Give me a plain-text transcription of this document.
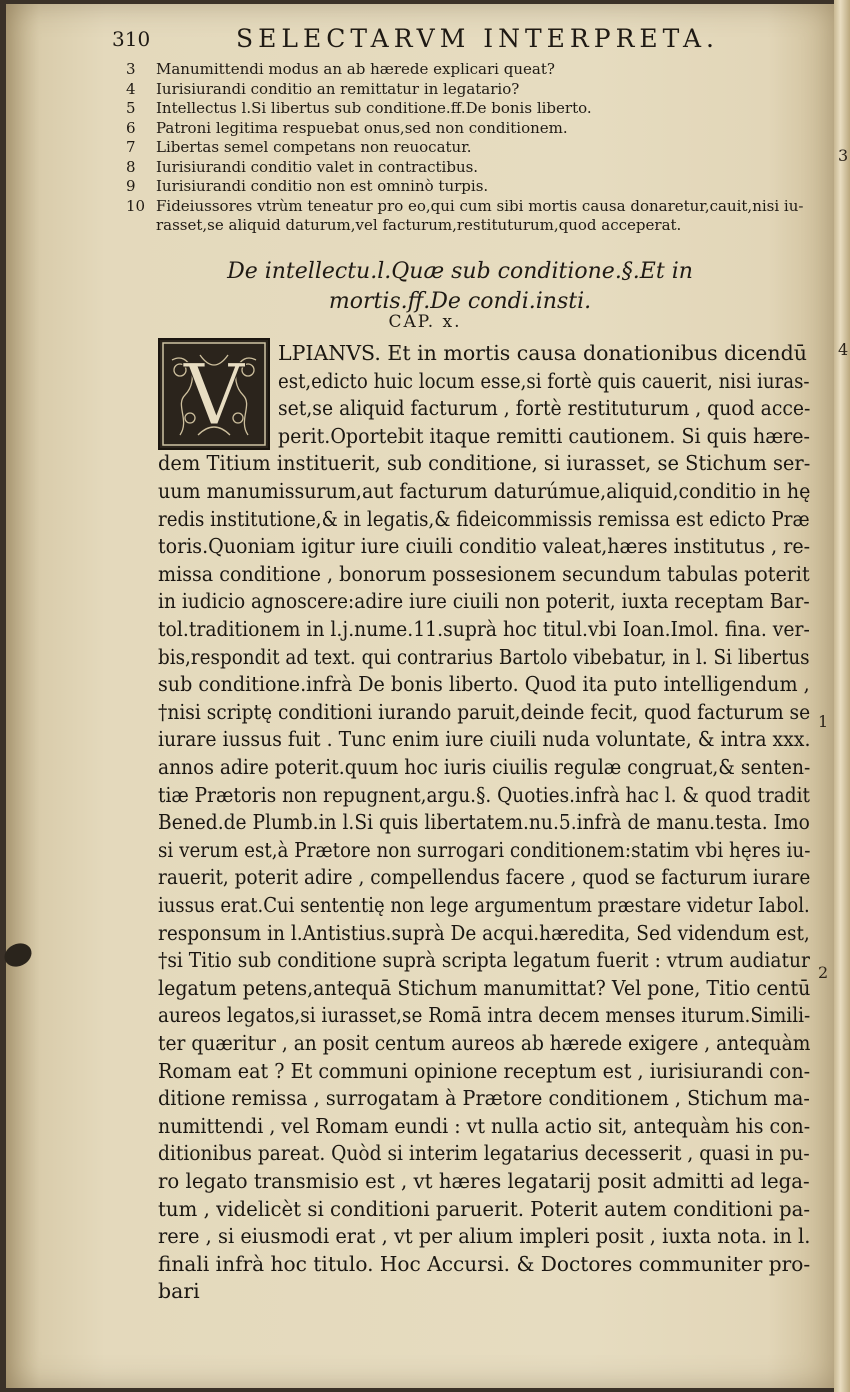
310	SELECTARVM INTERPRETA.
3	Manumittendi modus an ab hærede explicari queat?
4	Iurisiurandi conditio an remittatur in legatario?
5	Intellectus l.Si libertus sub conditione.ff.De bonis liberto.
6	Patroni legitima respuebat onus,sed non conditionem.
7	Libertas semel competans non reuocatur.
8	Iurisiurandi conditio valet in contractibus.
9	Iurisiurandi conditio non est omninò turpis.
10 Fideiussores vtrùm teneatur pro eo,qui cum sibi mortis causa donaretur,cauit,nisi iu-
rasset,se aliquid daturum,vel facturum,restituturum,quod acceperat.
De intellectu.l.Quæ sub conditione.§.Et in
mortis.ff.De condi.insti.
CAP. x.
V LPIANVS. Et in mortis causa donationibus dicendū
est,edicto huic locum esse,si fortè quis cauerit, nisi iuras-
set,se aliquid facturum , fortè restituturum , quod acce-
perit.Oportebit itaque remitti cautionem. Si quis hære-
dem Titium instituerit, sub conditione, si iurasset, se Stichum ser-
uum manumissurum,aut facturum daturúmue,aliquid,conditio in hę
redis institutione,& in legatis,& fideicommissis remissa est edicto Præ
toris.Quoniam igitur iure ciuili conditio valeat,hæres institutus , re-
missa conditione , bonorum possesionem secundum tabulas poterit
in iudicio agnoscere:adire iure ciuili non poterit, iuxta receptam Bar-
tol.traditionem in l.j.nume.11.suprà hoc titul.vbi Ioan.Imol. fina. ver-
bis,respondit ad text. qui contrarius Bartolo vibebatur, in l. Si libertus
sub conditione.infrà De bonis liberto. Quod ita puto intelligendum ,
†nisi scriptę conditioni iurando paruit,deinde fecit, quod facturum se
iurare iussus fuit . Tunc enim iure ciuili nuda voluntate, & intra xxx.
annos adire poterit.quum hoc iuris ciuilis regulæ congruat,& senten-
tiæ Prætoris non repugnent,argu.§. Quoties.infrà hac l. & quod tradit
Bened.de Plumb.in l.Si quis libertatem.nu.5.infrà de manu.testa. Imo
si verum est,à Prætore non surrogari conditionem:statim vbi hęres iu-
rauerit, poterit adire , compellendus facere , quod se facturum iurare
iussus erat.Cui sententię non lege argumentum præstare videtur Iabol.
responsum in l.Antistius.suprà De acqui.hæredita, Sed videndum est,
†si Titio sub conditione suprà scripta legatum fuerit : vtrum audiatur
legatum petens,antequā Stichum manumittat? Vel pone, Titio centū
aureos legatos,si iurasset,se Romā intra decem menses iturum.Simili-
ter quæritur , an posit centum aureos ab hærede exigere , antequàm
Romam eat ? Et communi opinione receptum est , iurisiurandi con-
ditione remissa , surrogatam à Prætore conditionem , Stichum ma-
numittendi , vel Romam eundi : vt nulla actio sit, antequàm his con-
ditionibus pareat. Quòd si interim legatarius decesserit , quasi in pu-
ro legato transmisio est , vt hæres legatarij posit admitti ad lega-
tum , videlicèt si conditioni paruerit. Poterit autem conditioni pa-
rere , si eiusmodi erat , vt per alium impleri posit , iuxta nota. in l.
finali infrà hoc titulo. Hoc Accursi. & Doctores communiter pro-
bari
1
2
3
4
